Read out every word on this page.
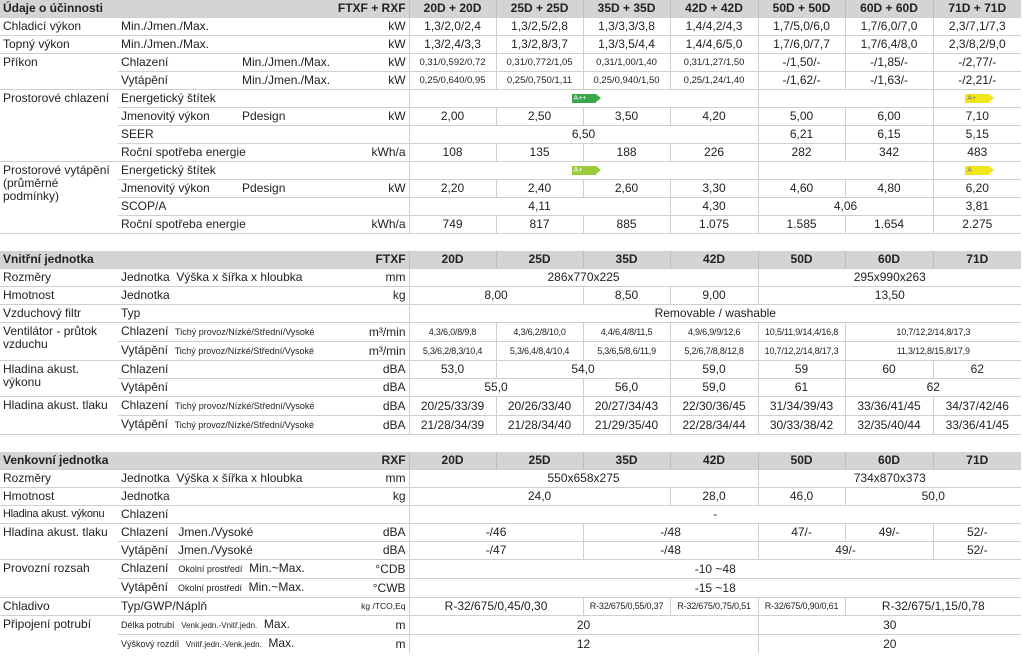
Údaje o účinnosti		FTXF + RXF		20D + 20D	25D + 25D	35D + 35D	42D + 42D	50D + 50D	60D + 60D	71D + 71D
Chladicí výkon	Min./Jmen./Max.		kW	1,3/2,0/2,4	1,3/2,5/2,8	1,3/3,3/3,8	1,4/4,2/4,3	1,7/5,0/6,0	1,7/6,0/7,0	2,3/7,1/7,3
Topný výkon	Min./Jmen./Max.		kW	1,3/2,4/3,3	1,3/2,8/3,7	1,3/3,5/4,4	1,4/4,6/5,0	1,7/6,0/7,7	1,7/6,4/8,0	2,3/8,2/9,0
Příkon	Chlazení	Min./Jmen./Max.	kW	0,31/0,592/0,72	0,31/0,772/1,05	0,31/1,00/1,40	0,31/1,27/1,50	-/1,50/-	-/1,85/-	-/2,77/-
	Vytápění	Min./Jmen./Max.	kW	0,25/0,640/0,95	0,25/0,750/1,11	0,25/0,940/1,50	0,25/1,24/1,40	-/1,62/-	-/1,63/-	-/2,21/-
Prostorové chlazení	Energetický štítek			A++						A+
	Jmenovitý výkon	Pdesign	kW	2,00	2,50	3,50	4,20	5,00	6,00	7,10
	SEER			6,50				6,21	6,15	5,15
	Roční spotřeba energie		kWh/a	108	135	188	226	282	342	483
Prostorové vytápění (průměrné podmínky)	Energetický štítek			A+						A
	Jmenovitý výkon	Pdesign	kW	2,20	2,40	2,60	3,30	4,60	4,80	6,20
	SCOP/A			4,11			4,30	4,06		3,81
	Roční spotřeba energie		kWh/a	749	817	885	1.075	1.585	1.654	2.275

Vnitřní jednotka		FTXF		20D	25D	35D	42D	50D	60D	71D
Rozměry	Jednotka Výška x šířka x hloubka		mm	286x770x225				295x990x263		
Hmotnost	Jednotka		kg	8,00		8,50	9,00	13,50		
Vzduchový filtr	Typ			Removable / washable						
Ventilátor - průtok vzduchu	Chlazení Tichý provoz/Nízké/Střední/Vysoké		m³/min	4,3/6,0/8/9,8	4,3/6,2/8/10,0	4,4/6,4/8/11,5	4,9/6,9/9/12,6	10,5/11,9/14,4/16,8	10,7/12,2/14,8/17,3	
	Vytápění Tichý provoz/Nízké/Střední/Vysoké		m³/min	5,3/6,2/8,3/10,4	5,3/6,4/8,4/10,4	5,3/6,5/8,6/11,9	5,2/6,7/8,8/12,8	10,7/12,2/14,8/17,3	11,3/12,8/15,8/17,9	
Hladina akust. výkonu	Chlazení		dBA	53,0	54,0		59,0	59	60	62
	Vytápění		dBA	55,0		56,0	59,0	61	62	
Hladina akust. tlaku	Chlazení Tichý provoz/Nízké/Střední/Vysoké		dBA	20/25/33/39	20/26/33/40	20/27/34/43	22/30/36/45	31/34/39/43	33/36/41/45	34/37/42/46
	Vytápění Tichý provoz/Nízké/Střední/Vysoké		dBA	21/28/34/39	21/28/34/40	21/29/35/40	22/28/34/44	30/33/38/42	32/35/40/44	33/36/41/45

Venkovní jednotka		RXF		20D	25D	35D	42D	50D	60D	71D
Rozměry	Jednotka Výška x šířka x hloubka		mm	550x658x275				734x870x373		
Hmotnost	Jednotka		kg	24,0			28,0	46,0	50,0	
Hladina akust. výkonu	Chlazení			-						
Hladina akust. tlaku	Chlazení Jmen./Vysoké		dBA	-/46		-/48		47/-	49/-	52/-
	Vytápění Jmen./Vysoké		dBA	-/47		-/48		49/-		52/-
Provozní rozsah	Chlazení Okolní prostředí Min.~Max.		°CDB	-10 ~48						
	Vytápění Okolní prostředí Min.~Max.		°CWB	-15 ~18						
Chladivo	Typ/GWP/Náplň		kg /TCO,Eq	R-32/675/0,45/0,30		R-32/675/0,55/0,37	R-32/675/0,75/0,51	R-32/675/0,90/0,61	R-32/675/1,15/0,78	
Připojení potrubí	Délka potrubí Venk.jedn.-Vnitř.jedn. Max.		m	20				30		
	Výškový rozdíl Vnitř.jedn.-Venk.jedn. Max.		m	12				20		
